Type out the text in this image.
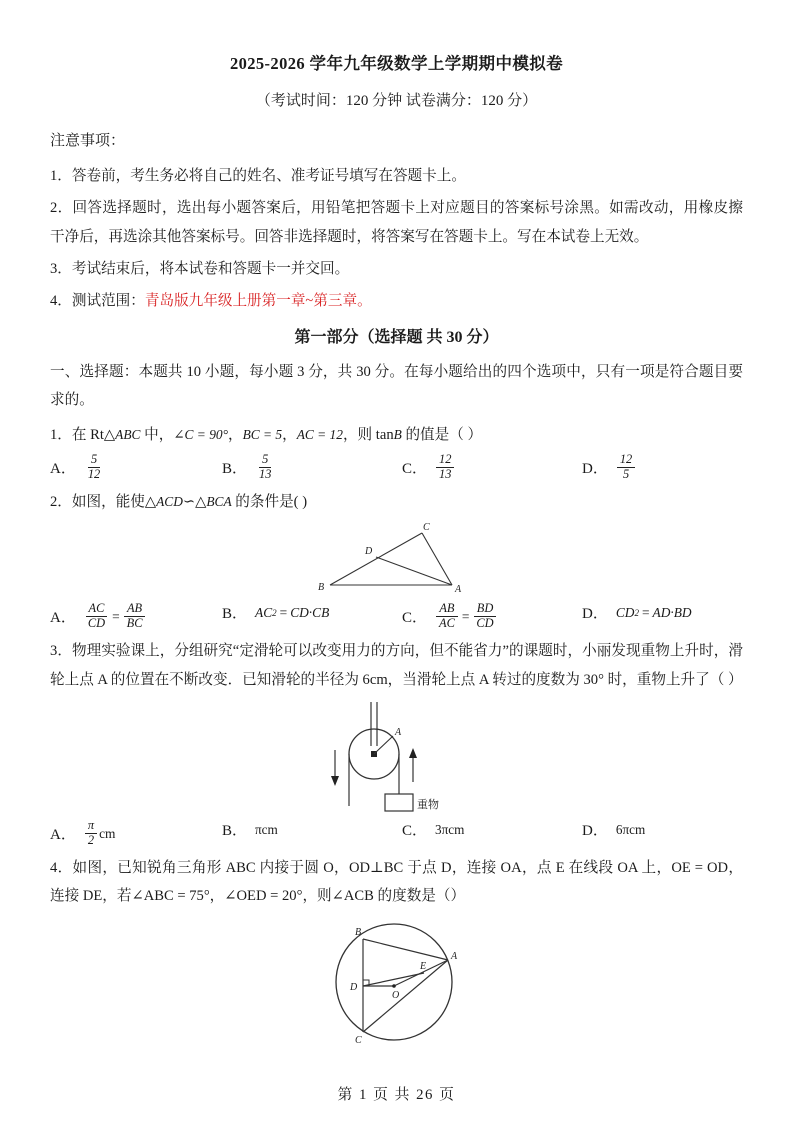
2025-2026 学年九年级数学上学期期中模拟卷
（考试时间：120 分钟 试卷满分：120 分）
注意事项：
1．答卷前，考生务必将自己的姓名、准考证号填写在答题卡上。
2．回答选择题时，选出每小题答案后，用铅笔把答题卡上对应题目的答案标号涂黑。如需改动，用橡皮擦干净后，再选涂其他答案标号。回答非选择题时，将答案写在答题卡上。写在本试卷上无效。
3．考试结束后，将本试卷和答题卡一并交回。
4．测试范围：青岛版九年级上册第一章~第三章。
第一部分（选择题 共 30 分）
一、选择题：本题共 10 小题，每小题 3 分，共 30 分。在每小题给出的四个选项中，只有一项是符合题目要求的。
1．在 Rt△ABC 中，∠C = 90°，BC = 5，AC = 12，则 tanB 的值是（ ）
A． $\frac{5}{12}$	B． $\frac{5}{13}$	C． $\frac{12}{13}$	D． $\frac{12}{5}$
2．如图，能使△ACD∽△BCA 的条件是( )
C
D
B	A
A． $\frac{AC}{CD} = \frac{AB}{BC}$	B． AC 2 = CD·CB	C． $\frac{AB}{AC} = \frac{BD}{CD}$	D． CD 2 = AD·BD
3．物理实验课上，分组研究“定滑轮可以改变用力的方向，但不能省力”的课题时，小丽发现重物上升时，滑轮上点 A 的位置在不断改变．已知滑轮的半径为 6cm，当滑轮上点 A 转过的度数为 30° 时，重物上升了（ ）
A
重物
A． $\frac{\pi}{2}$ cm	B． πcm	C． 3πcm	D． 6πcm
4．如图，已知锐角三角形 ABC 内接于圆 O，OD⊥BC 于点 D，连接 OA，点 E 在线段 OA 上，OE = OD，连接 DE，若∠ABC = 75°，∠OED = 20°，则∠ACB 的度数是（）
B
A
D
E
O
C
第 1 页 共 26 页
